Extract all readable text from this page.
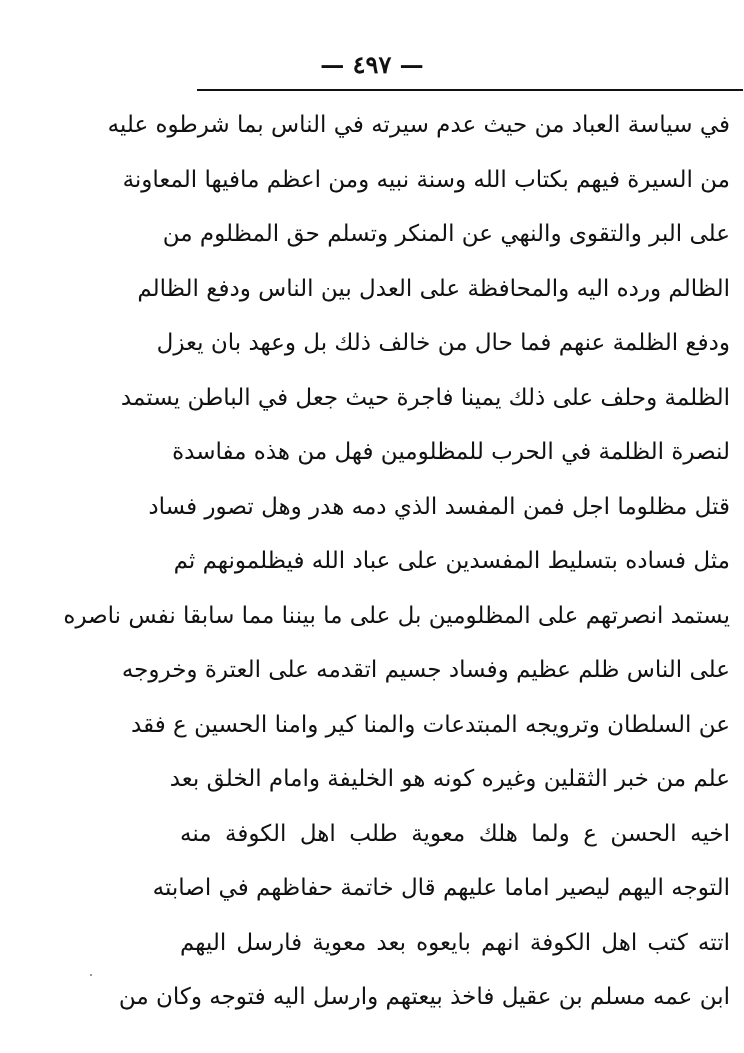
— ٤٩٧ —
في سياسة العباد من حيث عدم سيرته في الناس بما شرطوه عليه
من السيرة فيهم بكتاب الله وسنة نبيه ومن اعظم مافيها المعاونة
على البر والتقوى والنهي عن المنكر وتسلم حق المظلوم من
الظالم ورده اليه والمحافظة على العدل بين الناس ودفع الظالم
ودفع الظلمة عنهم فما حال من خالف ذلك بل وعهد بان يعزل
الظلمة وحلف على ذلك يمينا فاجرة حيث جعل في الباطن يستمد
لنصرة الظلمة في الحرب للمظلومين فهل من هذه مفاسدة
قتل مظلوما اجل فمن المفسد الذي دمه هدر وهل تصور فساد
مثل فساده بتسليط المفسدين على عباد الله فيظلمونهم ثم
يستمد انصرتهم على المظلومين بل على ما بيننا مما سابقا نفس ناصره
على الناس ظلم عظيم وفساد جسيم اتقدمه على العترة وخروجه
عن السلطان وترويجه المبتدعات والمنا كير وامنا الحسين ع فقد
علم من خبر الثقلين وغيره كونه هو الخليفة وامام الخلق بعد
اخيه الحسن ع ولما هلك معوية طلب اهل الكوفة منه
التوجه اليهم ليصير اماما عليهم قال خاتمة حفاظهم في اصابته
اتته كتب اهل الكوفة انهم بايعوه بعد معوية فارسل اليهم
ابن عمه مسلم بن عقيل فاخذ بيعتهم وارسل اليه فتوجه وكان من
